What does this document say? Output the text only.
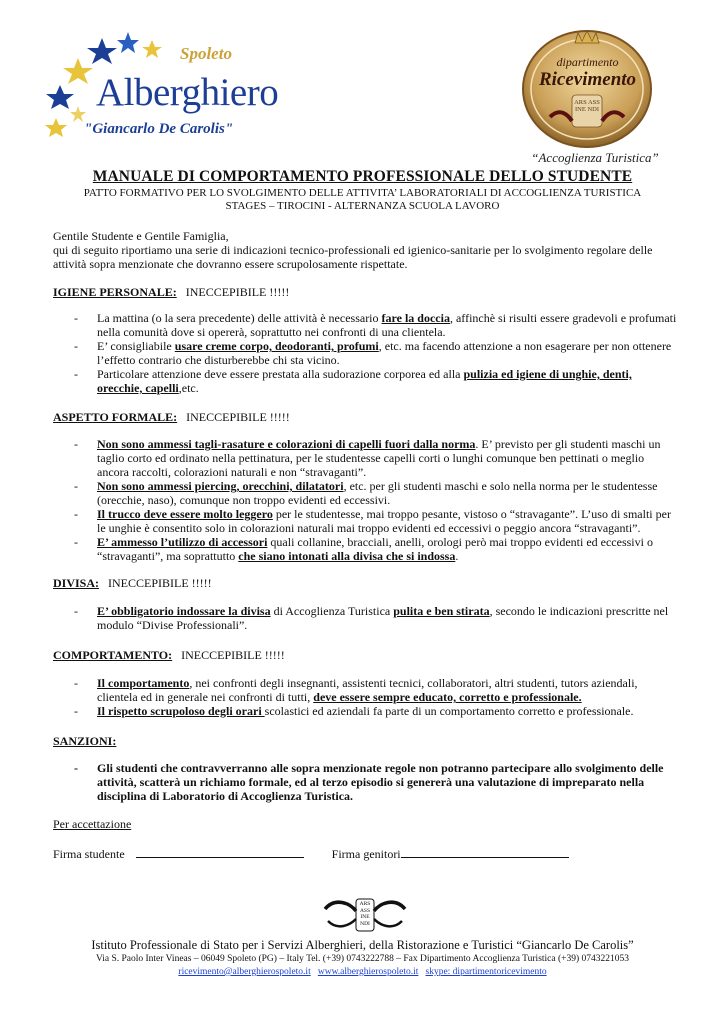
Spoleto
Alberghiero
"Giancarlo De Carolis"
dipartimento
Ricevimento
ARS ASS INE NDI
“Accoglienza Turistica”
MANUALE DI COMPORTAMENTO PROFESSIONALE DELLO STUDENTE
PATTO FORMATIVO PER LO SVOLGIMENTO DELLE ATTIVITA’ LABORATORIALI DI ACCOGLIENZA TURISTICA
STAGES – TIROCINI - ALTERNANZA SCUOLA LAVORO
Gentile Studente e Gentile Famiglia,
qui di seguito riportiamo una serie di indicazioni tecnico-professionali ed igienico-sanitarie per lo svolgimento regolare delle attività sopra menzionate che dovranno essere scrupolosamente rispettate.
IGIENE PERSONALE: INECCEPIBILE !!!!!
- La mattina (o la sera precedente) delle attività è necessario fare la doccia, affinchè si risulti essere gradevoli e profumati nella comunità dove si opererà, soprattutto nei confronti di una clientela.
- E’ consigliabile usare creme corpo, deodoranti, profumi, etc. ma facendo attenzione a non esagerare per non ottenere l’effetto contrario che disturberebbe chi sta vicino.
- Particolare attenzione deve essere prestata alla sudorazione corporea ed alla pulizia ed igiene di unghie, denti, orecchie, capelli,etc.
ASPETTO FORMALE: INECCEPIBILE !!!!!
- Non sono ammessi tagli-rasature e colorazioni di capelli fuori dalla norma. E’ previsto per gli studenti maschi un taglio corto ed ordinato nella pettinatura, per le studentesse capelli corti o lunghi comunque ben pettinati o meglio ancora raccolti, colorazioni naturali e non “stravaganti”.
- Non sono ammessi piercing, orecchini, dilatatori, etc. per gli studenti maschi e solo nella norma per le studentesse (orecchie, naso), comunque non troppo evidenti ed eccessivi.
- Il trucco deve essere molto leggero per le studentesse, mai troppo pesante, vistoso o “stravagante”. L’uso di smalti per le unghie è consentito solo in colorazioni naturali mai troppo evidenti ed eccessivi o peggio ancora “stravaganti”.
- E’ ammesso l’utilizzo di accessori quali collanine, bracciali, anelli, orologi però mai troppo evidenti ed eccessivi o “stravaganti”, ma soprattutto che siano intonati alla divisa che si indossa.
DIVISA: INECCEPIBILE !!!!!
- E’ obbligatorio indossare la divisa di Accoglienza Turistica pulita e ben stirata, secondo le indicazioni prescritte nel modulo “Divise Professionali”.
COMPORTAMENTO: INECCEPIBILE !!!!!
- Il comportamento, nei confronti degli insegnanti, assistenti tecnici, collaboratori, altri studenti, tutors aziendali, clientela ed in generale nei confronti di tutti, deve essere sempre educato, corretto e professionale.
- Il rispetto scrupoloso degli orari scolastici ed aziendali fa parte di un comportamento corretto e professionale.
SANZIONI:
- Gli studenti che contravverranno alle sopra menzionate regole non potranno partecipare allo svolgimento delle attività, scatterà un richiamo formale, ed al terzo episodio si genererà una valutazione di impreparato nella disciplina di Laboratorio di Accoglienza Turistica.
Per accettazione
Firma studente	Firma genitori
ARS ASS INE NDI
Istituto Professionale di Stato per i Servizi Alberghieri, della Ristorazione e Turistici “Giancarlo De Carolis”
Via S. Paolo Inter Vineas – 06049 Spoleto (PG) – Italy Tel. (+39) 0743222788 – Fax Dipartimento Accoglienza Turistica (+39) 0743221053
ricevimento@alberghierospoleto.it www.alberghierospoleto.it skype: dipartimentoricevimento
